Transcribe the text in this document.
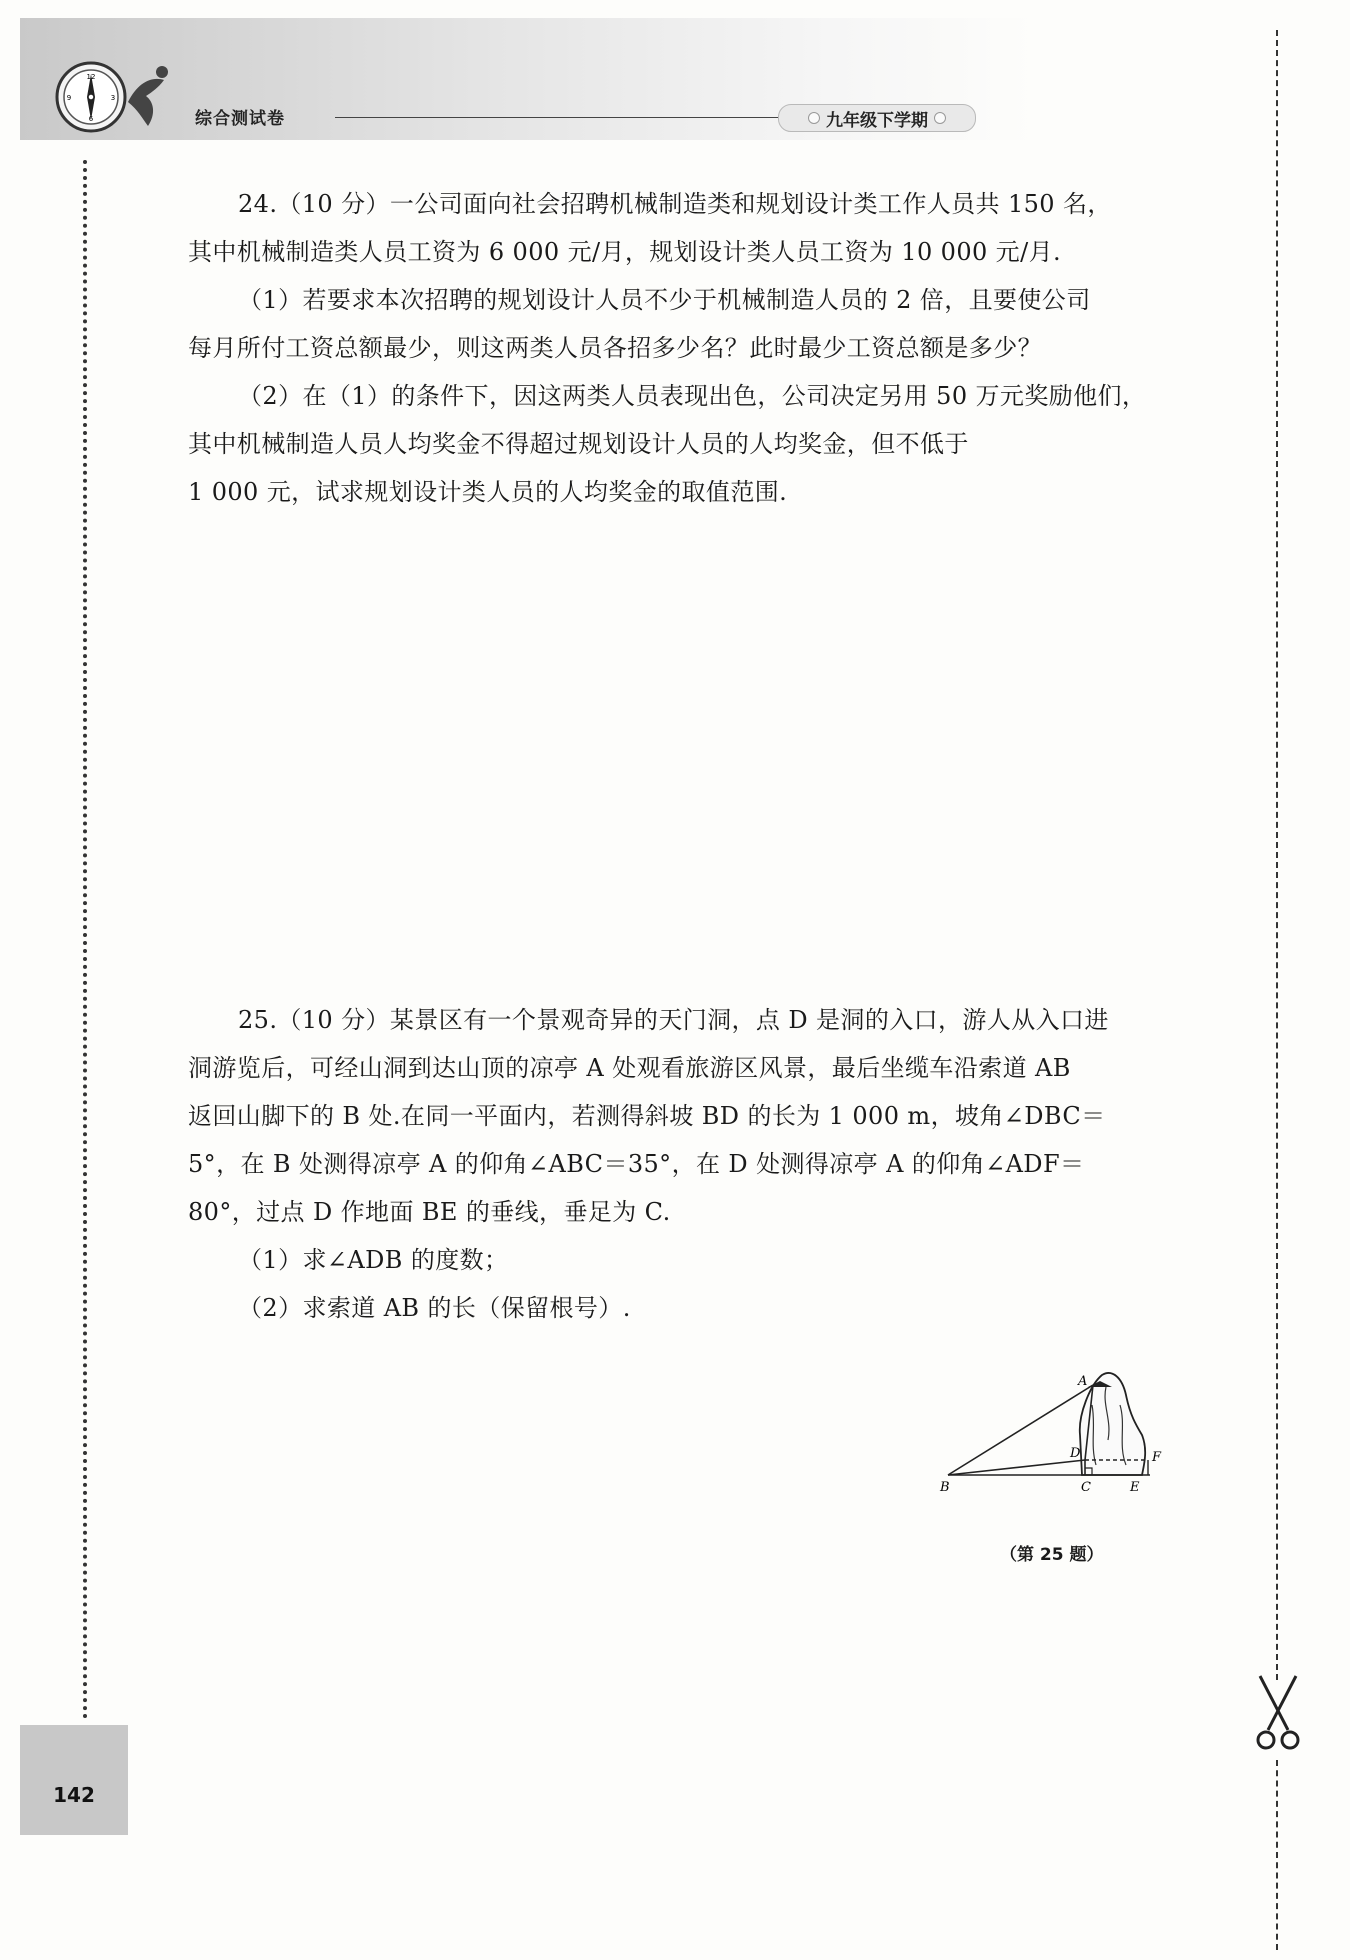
12
3
6
9
综合测试卷	九年级下学期
24.（10 分）一公司面向社会招聘机械制造类和规划设计类工作人员共 150 名，
其中机械制造类人员工资为 6 000 元/月，规划设计类人员工资为 10 000 元/月.
（1）若要求本次招聘的规划设计人员不少于机械制造人员的 2 倍，且要使公司
每月所付工资总额最少，则这两类人员各招多少名？此时最少工资总额是多少？
（2）在（1）的条件下，因这两类人员表现出色，公司决定另用 50 万元奖励他们，
其中机械制造人员人均奖金不得超过规划设计人员的人均奖金，但不低于
1 000 元，试求规划设计类人员的人均奖金的取值范围.
25.（10 分）某景区有一个景观奇异的天门洞，点 D 是洞的入口，游人从入口进
洞游览后，可经山洞到达山顶的凉亭 A 处观看旅游区风景，最后坐缆车沿索道 AB
返回山脚下的 B 处.在同一平面内，若测得斜坡 BD 的长为 1 000 m，坡角∠DBC＝
5°，在 B 处测得凉亭 A 的仰角∠ABC＝35°，在 D 处测得凉亭 A 的仰角∠ADF＝
80°，过点 D 作地面 BE 的垂线，垂足为 C.
（1）求∠ADB 的度数；
（2）求索道 AB 的长（保留根号）.
A
B	C
D
E
F
（第 25 题）
142
